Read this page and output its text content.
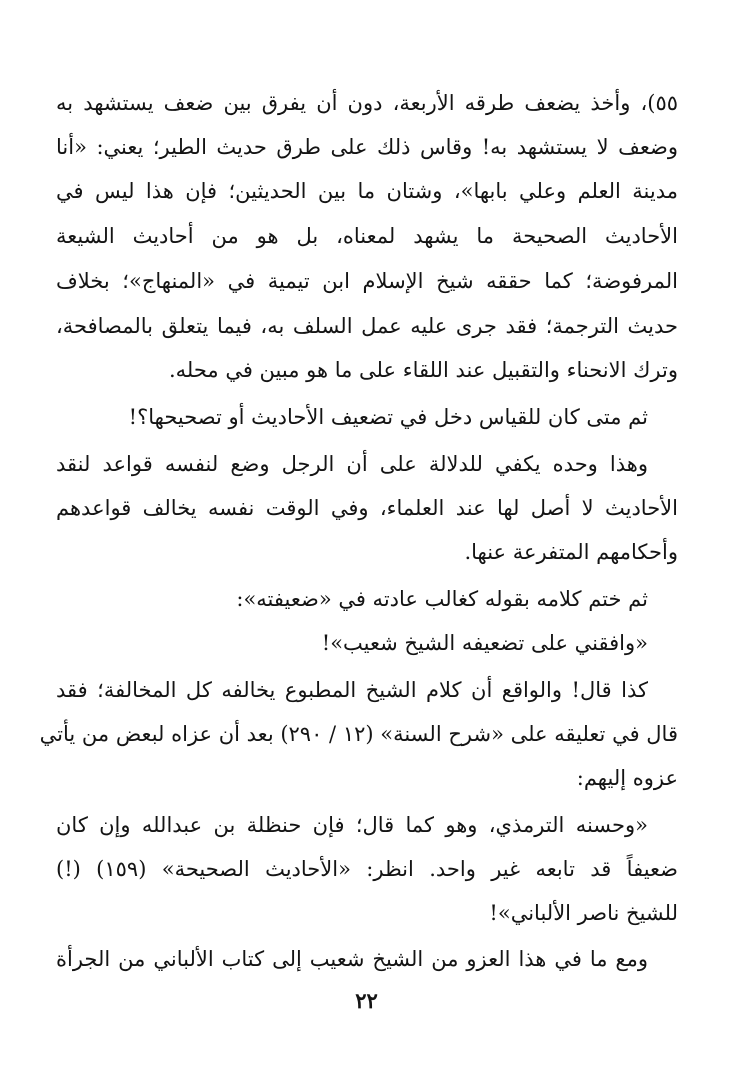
٥٥)، وأخذ يضعف طرقه الأربعة، دون أن يفرق بين ضعف يستشهد به
وضعف لا يستشهد به! وقاس ذلك على طرق حديث الطير؛ يعني: «أنا
مدينة العلم وعلي بابها»، وشتان ما بين الحديثين؛ فإن هذا ليس في
الأحاديث الصحيحة ما يشهد لمعناه، بل هو من أحاديث الشيعة
المرفوضة؛ كما حققه شيخ الإسلام ابن تيمية في «المنهاج»؛ بخلاف
حديث الترجمة؛ فقد جرى عليه عمل السلف به، فيما يتعلق بالمصافحة،
وترك الانحناء والتقبيل عند اللقاء على ما هو مبين في محله.
ثم متى كان للقياس دخل في تضعيف الأحاديث أو تصحيحها؟!
وهذا وحده يكفي للدلالة على أن الرجل وضع لنفسه قواعد لنقد
الأحاديث لا أصل لها عند العلماء، وفي الوقت نفسه يخالف قواعدهم
وأحكامهم المتفرعة عنها.
ثم ختم كلامه بقوله كغالب عادته في «ضعيفته»:
«وافقني على تضعيفه الشيخ شعيب»!
كذا قال! والواقع أن كلام الشيخ المطبوع يخالفه كل المخالفة؛ فقد
قال في تعليقه على «شرح السنة» (١٢ / ٢٩٠) بعد أن عزاه لبعض من يأتي
عزوه إليهم:
«وحسنه الترمذي، وهو كما قال؛ فإن حنظلة بن عبدالله وإن كان
ضعيفاً قد تابعه غير واحد. انظر: «الأحاديث الصحيحة» (١٥٩) (!)
للشيخ ناصر الألباني»!
ومع ما في هذا العزو من الشيخ شعيب إلى كتاب الألباني من الجرأة
٢٢
